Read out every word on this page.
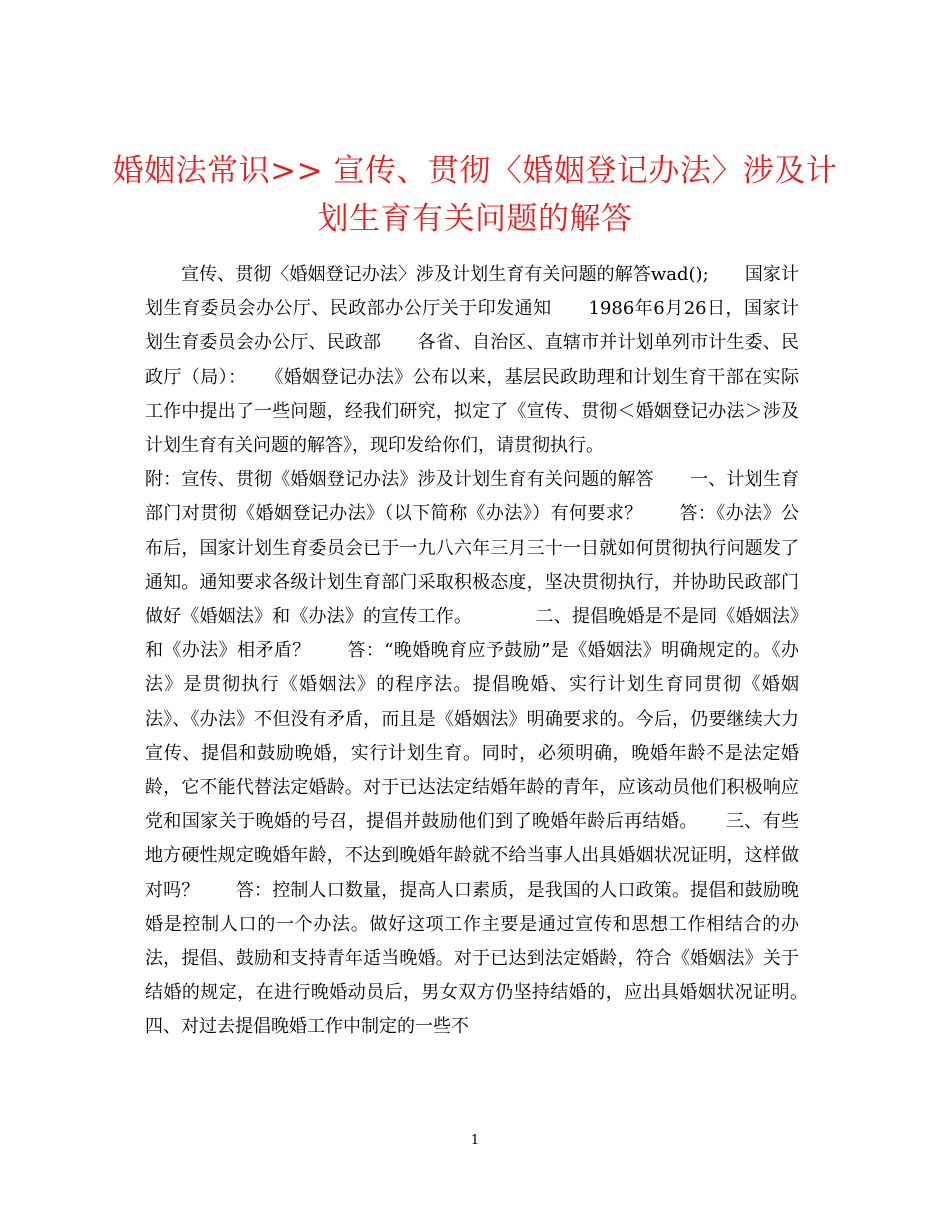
婚姻法常识>> 宣传、贯彻〈婚姻登记办法〉涉及计划生育有关问题的解答

宣传、贯彻〈婚姻登记办法〉涉及计划生育有关问题的解答wad();　　国家计划生育委员会办公厅、民政部办公厅关于印发通知　　1986年6月26日，国家计划生育委员会办公厅、民政部　　各省、自治区、直辖市并计划单列市计生委、民政厅（局）：　　《婚姻登记办法》公布以来，基层民政助理和计划生育干部在实际工作中提出了一些问题，经我们研究，拟定了《宣传、贯彻＜婚姻登记办法＞涉及计划生育有关问题的解答》，现印发给你们，请贯彻执行。

附：宣传、贯彻《婚姻登记办法》涉及计划生育有关问题的解答　　一、计划生育部门对贯彻《婚姻登记办法》（以下简称《办法》）有何要求？　　答：《办法》公布后，国家计划生育委员会已于一九八六年三月三十一日就如何贯彻执行问题发了通知。通知要求各级计划生育部门采取积极态度，坚决贯彻执行，并协助民政部门做好《婚姻法》和《办法》的宣传工作。　　　　二、提倡晚婚是不是同《婚姻法》和《办法》相矛盾？　　答：“晚婚晚育应予鼓励”是《婚姻法》明确规定的。《办法》是贯彻执行《婚姻法》的程序法。提倡晚婚、实行计划生育同贯彻《婚姻法》、《办法》不但没有矛盾，而且是《婚姻法》明确要求的。今后，仍要继续大力宣传、提倡和鼓励晚婚，实行计划生育。同时，必须明确，晚婚年龄不是法定婚龄，它不能代替法定婚龄。对于已达法定结婚年龄的青年，应该动员他们积极响应党和国家关于晚婚的号召，提倡并鼓励他们到了晚婚年龄后再结婚。　　三、有些地方硬性规定晚婚年龄，不达到晚婚年龄就不给当事人出具婚姻状况证明，这样做对吗？　　答：控制人口数量，提高人口素质，是我国的人口政策。提倡和鼓励晚婚是控制人口的一个办法。做好这项工作主要是通过宣传和思想工作相结合的办法，提倡、鼓励和支持青年适当晚婚。对于已达到法定婚龄，符合《婚姻法》关于结婚的规定，在进行晚婚动员后，男女双方仍坚持结婚的，应出具婚姻状况证明。　　四、对过去提倡晚婚工作中制定的一些不

1
